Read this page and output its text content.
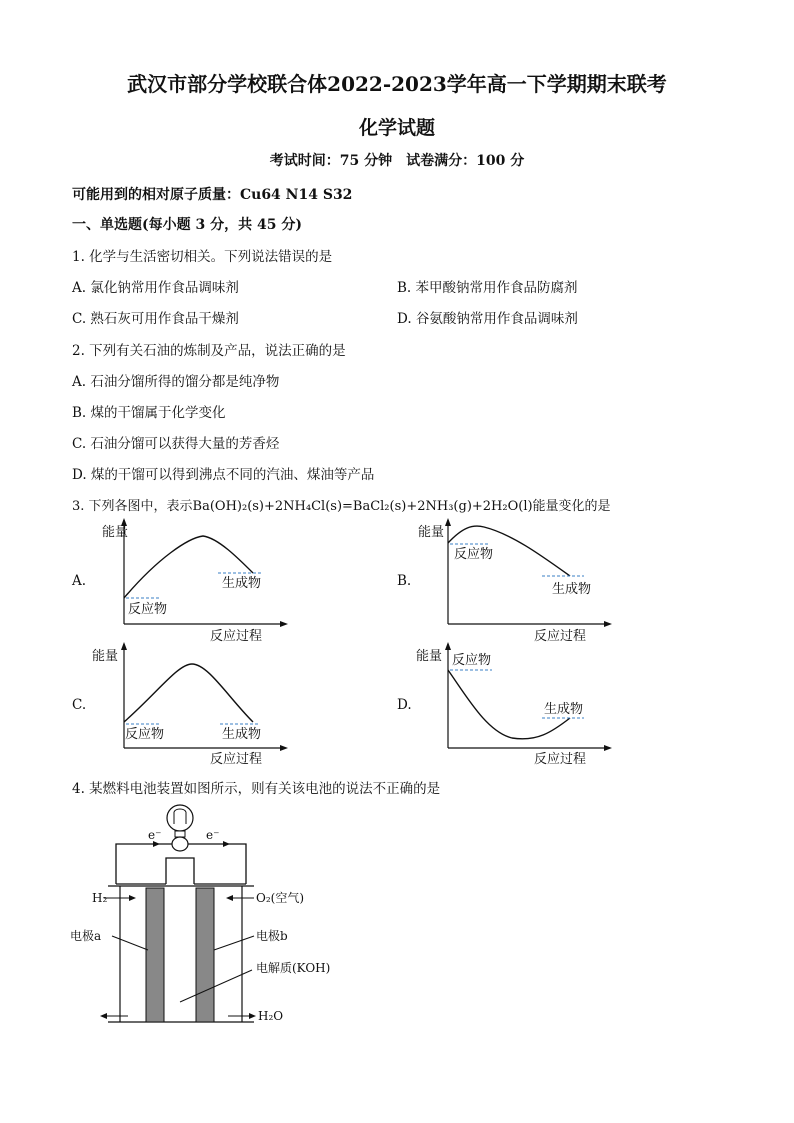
武汉市部分学校联合体2022-2023学年高一下学期期末联考
化学试题
考试时间：75 分钟　试卷满分：100 分
可能用到的相对原子质量：Cu64 N14 S32
一、单选题(每小题 3 分，共 45 分)
1. 化学与生活密切相关。下列说法错误的是
A. 氯化钠常用作食品调味剂	B. 苯甲酸钠常用作食品防腐剂
C. 熟石灰可用作食品干燥剂	D. 谷氨酸钠常用作食品调味剂
2. 下列有关石油的炼制及产品，说法正确的是
A. 石油分馏所得的馏分都是纯净物
B. 煤的干馏属于化学变化
C. 石油分馏可以获得大量的芳香烃
D. 煤的干馏可以得到沸点不同的汽油、煤油等产品
3. 下列各图中，表示Ba(OH)₂(s)+2NH₄Cl(s)=BaCl₂(s)+2NH₃(g)+2H₂O(l)能量变化的是
A.
能量
反应物
生成物
反应过程
B.
能量
反应物
生成物
反应过程
C.
能量
反应物	生成物
反应过程
D.
能量 反应物
生成物
反应过程
4. 某燃料电池装置如图所示，则有关该电池的说法不正确的是
e⁻	e⁻
H₂	O₂(空气)
H₂O
电极a	电极b
电解质(KOH)
